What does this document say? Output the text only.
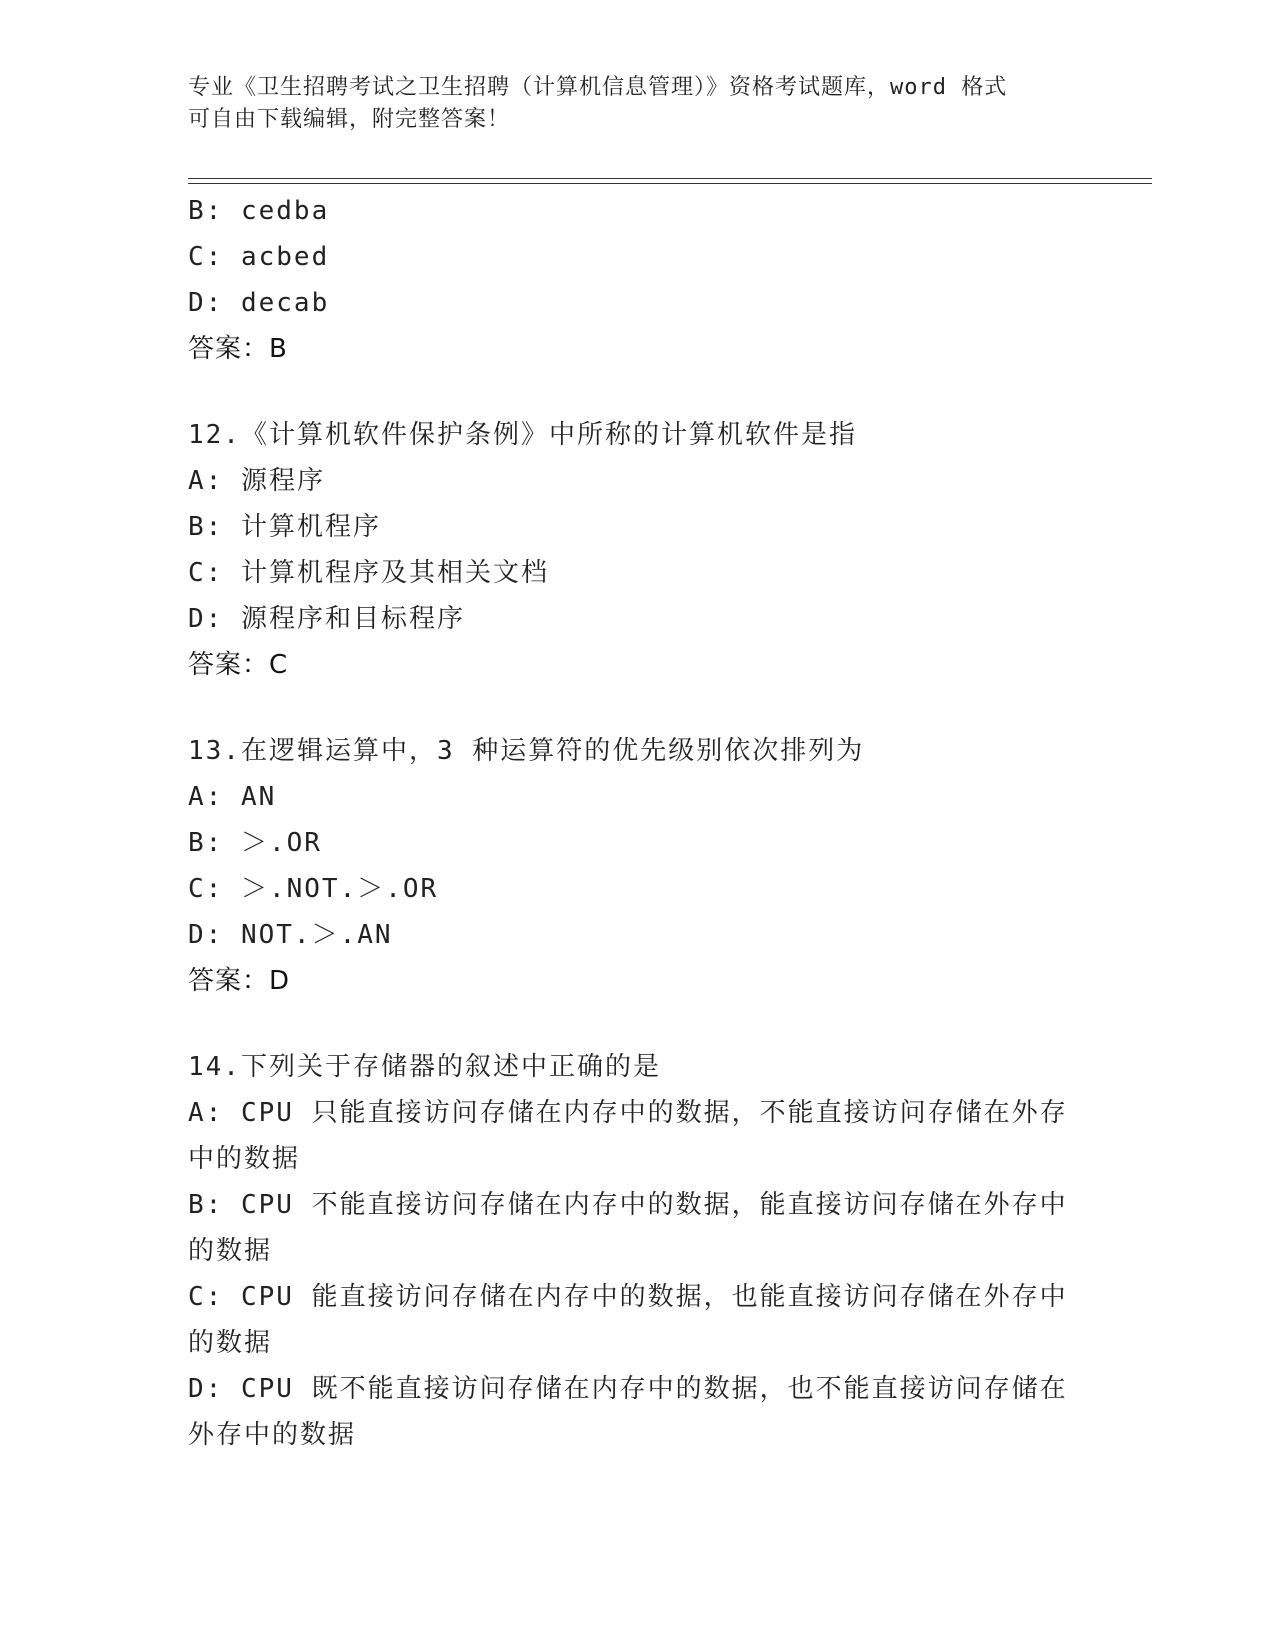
专业《卫生招聘考试之卫生招聘（计算机信息管理）》资格考试题库，word 格式
可自由下载编辑，附完整答案！

B: cedba

C: acbed

D: decab

答案：B

12.《计算机软件保护条例》中所称的计算机软件是指

A: 源程序

B: 计算机程序

C: 计算机程序及其相关文档

D: 源程序和目标程序

答案：C

13.在逻辑运算中，3 种运算符的优先级别依次排列为

A: AN

B: ＞.OR

C: ＞.NOT.＞.OR

D: NOT.＞.AN

答案：D

14.下列关于存储器的叙述中正确的是

A: CPU 只能直接访问存储在内存中的数据，不能直接访问存储在外存中的数据

B: CPU 不能直接访问存储在内存中的数据，能直接访问存储在外存中的数据

C: CPU 能直接访问存储在内存中的数据，也能直接访问存储在外存中的数据

D: CPU 既不能直接访问存储在内存中的数据，也不能直接访问存储在外存中的数据
